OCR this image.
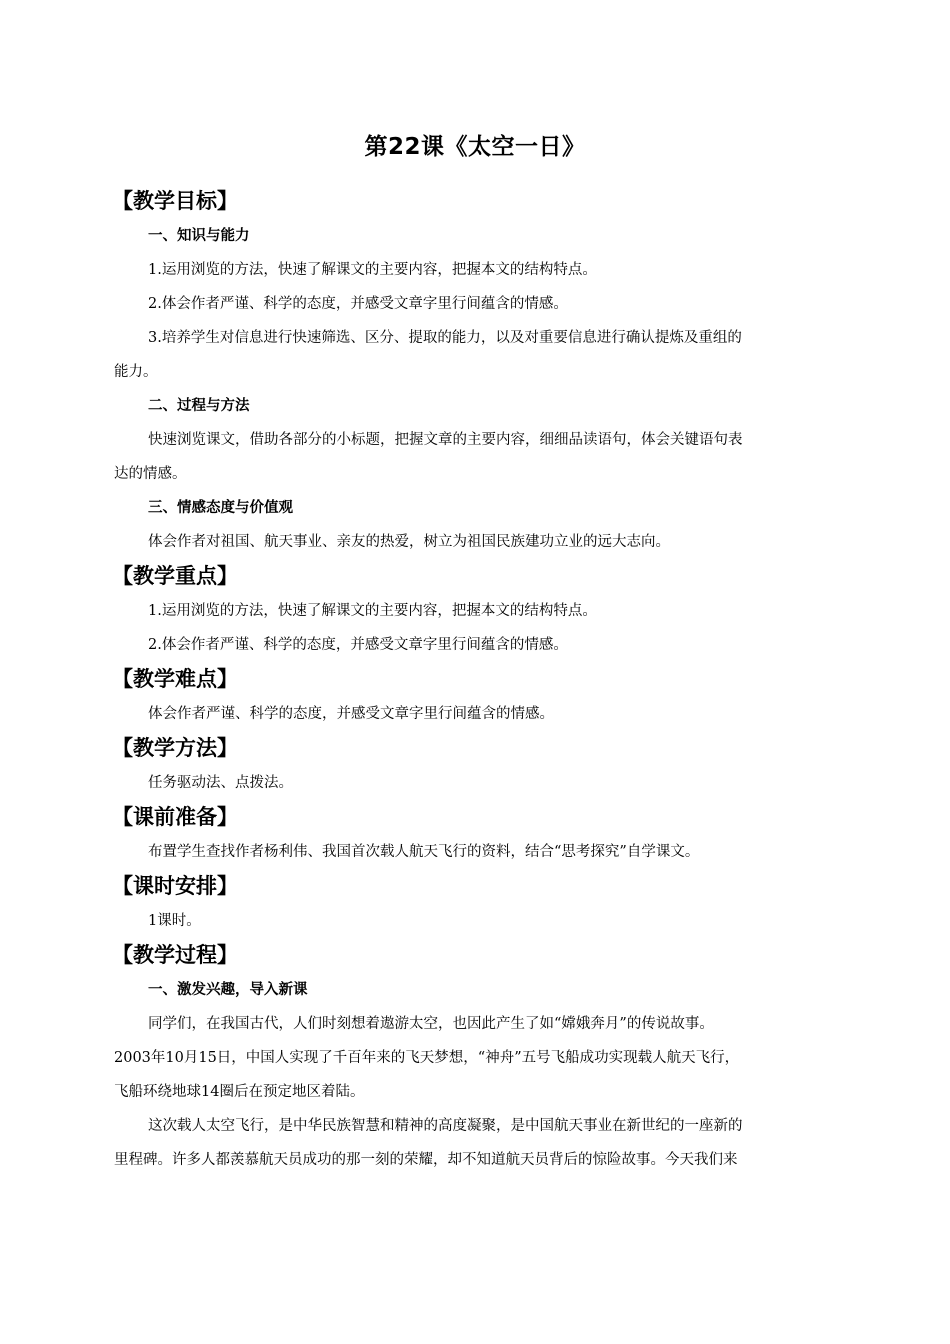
第22课《太空一日》
【教学目标】
一、知识与能力
1.运用浏览的方法，快速了解课文的主要内容，把握本文的结构特点。
2.体会作者严谨、科学的态度，并感受文章字里行间蕴含的情感。
3.培养学生对信息进行快速筛选、区分、提取的能力，以及对重要信息进行确认提炼及重组的
能力。
二、过程与方法
快速浏览课文，借助各部分的小标题，把握文章的主要内容，细细品读语句，体会关键语句表
达的情感。
三、情感态度与价值观
体会作者对祖国、航天事业、亲友的热爱，树立为祖国民族建功立业的远大志向。
【教学重点】
1.运用浏览的方法，快速了解课文的主要内容，把握本文的结构特点。
2.体会作者严谨、科学的态度，并感受文章字里行间蕴含的情感。
【教学难点】
体会作者严谨、科学的态度，并感受文章字里行间蕴含的情感。
【教学方法】
任务驱动法、点拨法。
【课前准备】
布置学生查找作者杨利伟、我国首次载人航天飞行的资料，结合“思考探究”自学课文。
【课时安排】
1课时。
【教学过程】
一、激发兴趣，导入新课
同学们，在我国古代，人们时刻想着遨游太空，也因此产生了如“嫦娥奔月”的传说故事。
2003年10月15日，中国人实现了千百年来的飞天梦想，“神舟”五号飞船成功实现载人航天飞行，
飞船环绕地球14圈后在预定地区着陆。
这次载人太空飞行，是中华民族智慧和精神的高度凝聚，是中国航天事业在新世纪的一座新的
里程碑。许多人都羡慕航天员成功的那一刻的荣耀，却不知道航天员背后的惊险故事。今天我们来
